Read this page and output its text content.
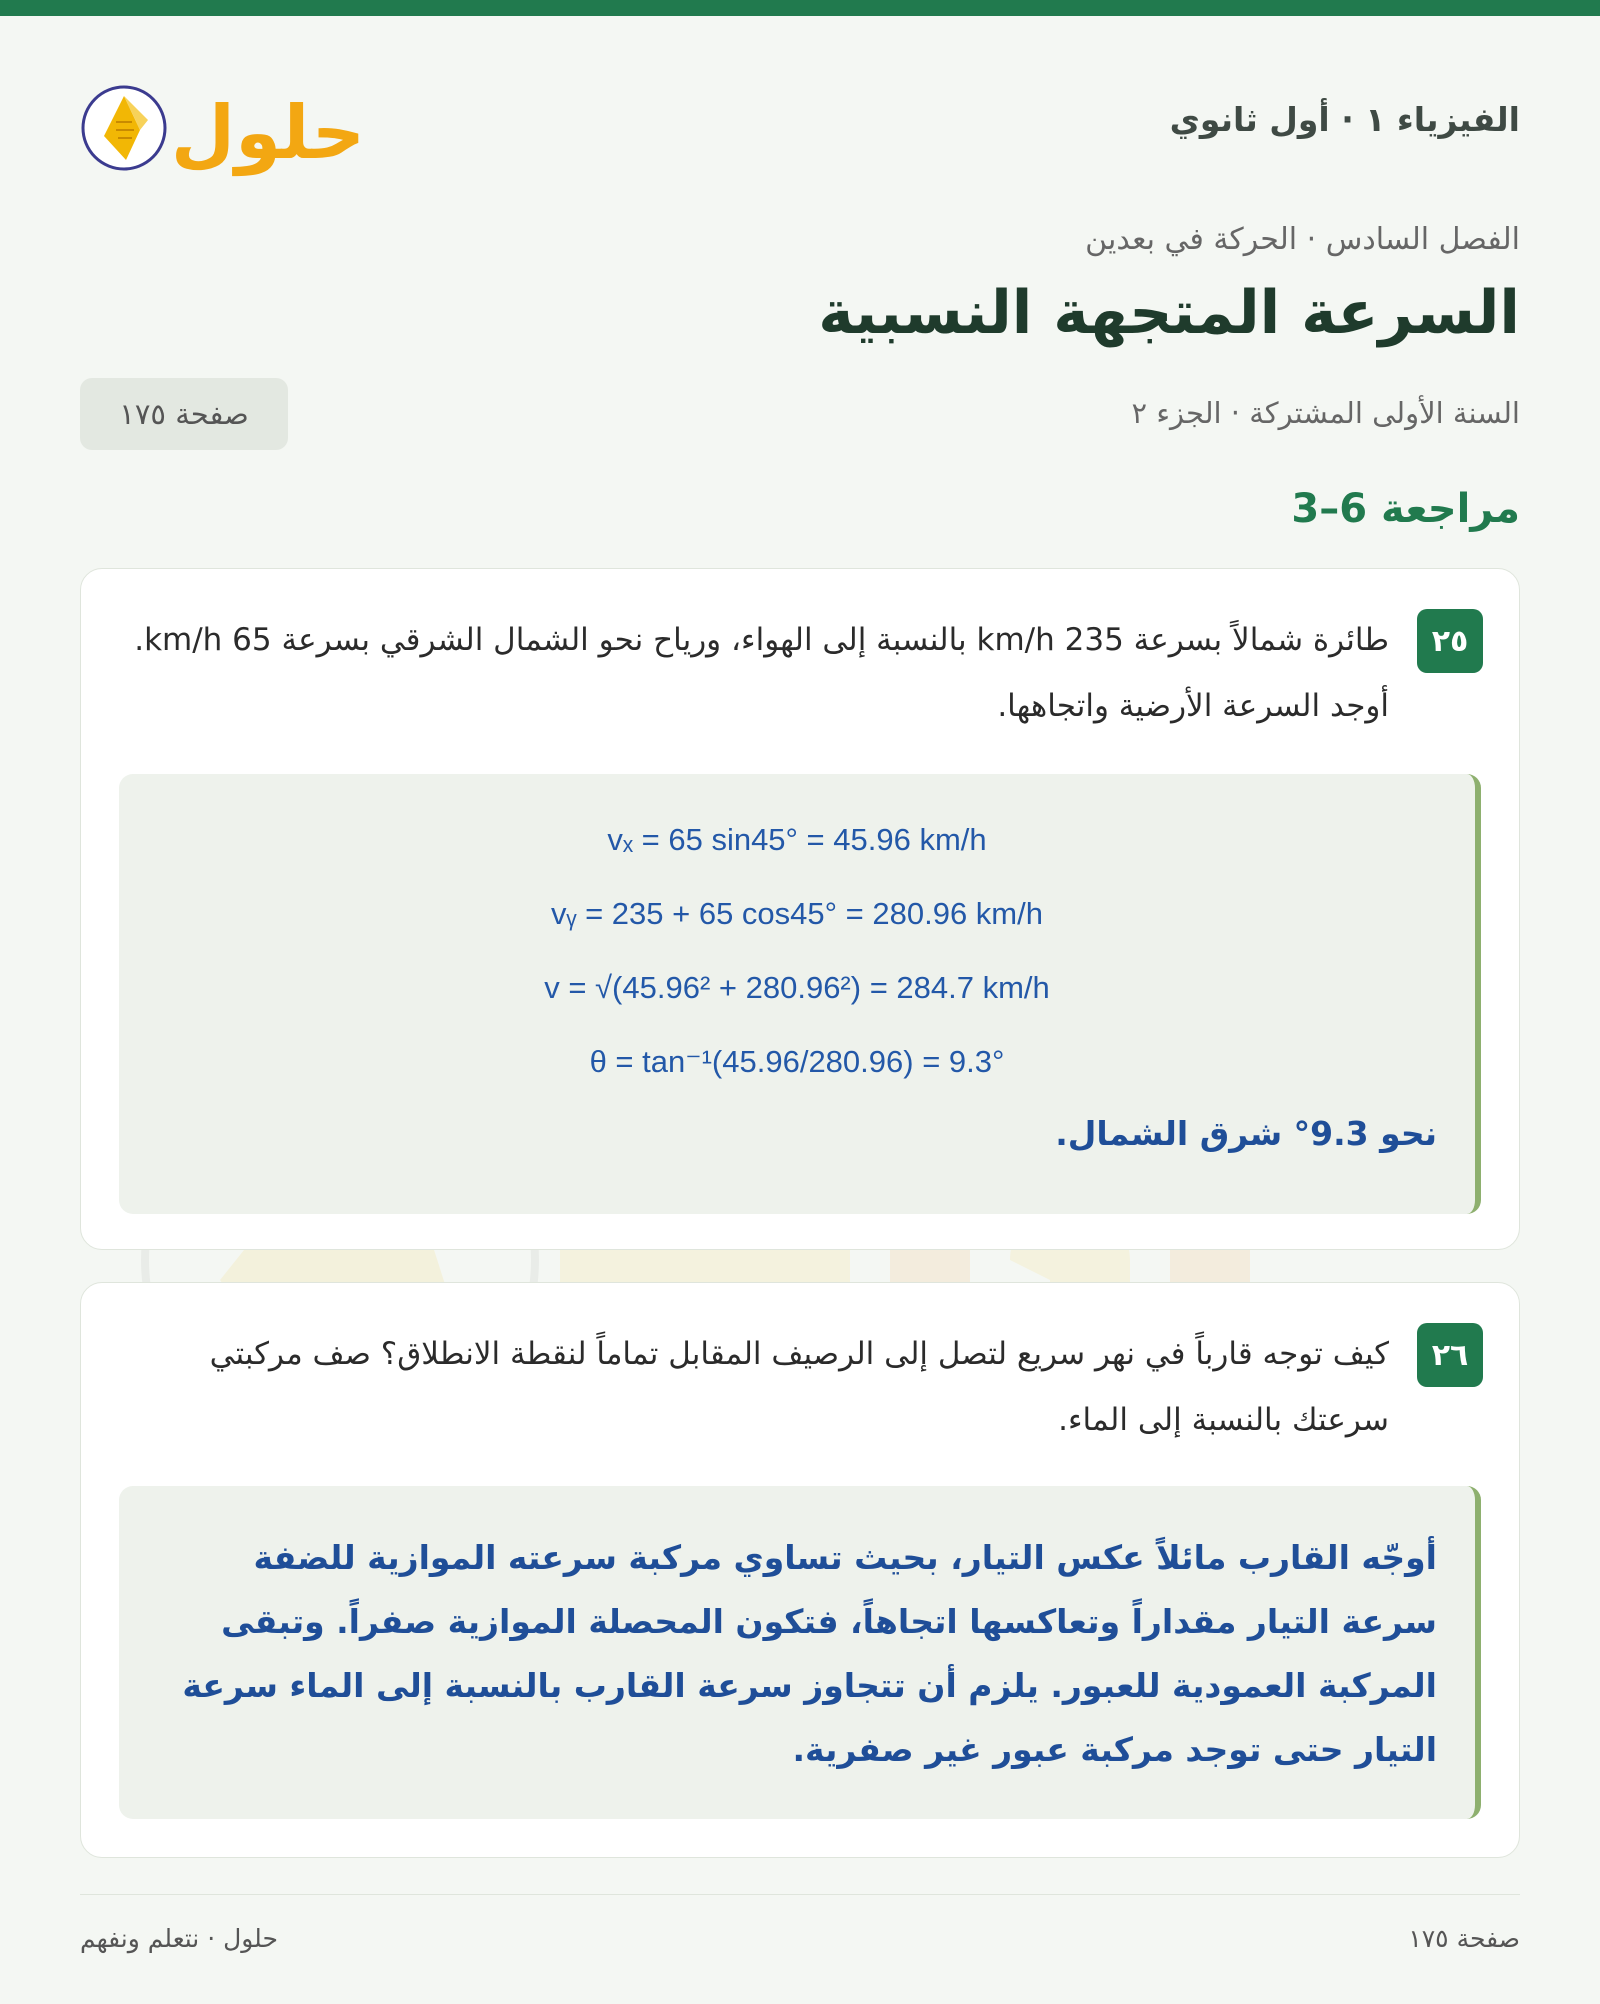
الفيزياء ١ · أول ثانوي
حلول
الفصل السادس · الحركة في بعدين
السرعة المتجهة النسبية
السنة الأولى المشتركة · الجزء ٢
صفحة ١٧٥
مراجعة 6–3
٢٥
طائرة شمالاً بسرعة 235 km/h بالنسبة إلى الهواء، ورياح نحو الشمال الشرقي بسرعة 65 km/h. أوجد السرعة الأرضية واتجاهها.
vₓ = 65 sin45° = 45.96 km/h
vᵧ = 235 + 65 cos45° = 280.96 km/h
v = √(45.96² + 280.96²) = 284.7 km/h
θ = tan⁻¹(45.96/280.96) = 9.3°
نحو 9.3° شرق الشمال.
٢٦
كيف توجه قارباً في نهر سريع لتصل إلى الرصيف المقابل تماماً لنقطة الانطلاق؟ صف مركبتي سرعتك بالنسبة إلى الماء.
أوجّه القارب مائلاً عكس التيار، بحيث تساوي مركبة سرعته الموازية للضفة سرعة التيار مقداراً وتعاكسها اتجاهاً، فتكون المحصلة الموازية صفراً. وتبقى المركبة العمودية للعبور. يلزم أن تتجاوز سرعة القارب بالنسبة إلى الماء سرعة التيار حتى توجد مركبة عبور غير صفرية.
صفحة ١٧٥
حلول · نتعلم ونفهم
